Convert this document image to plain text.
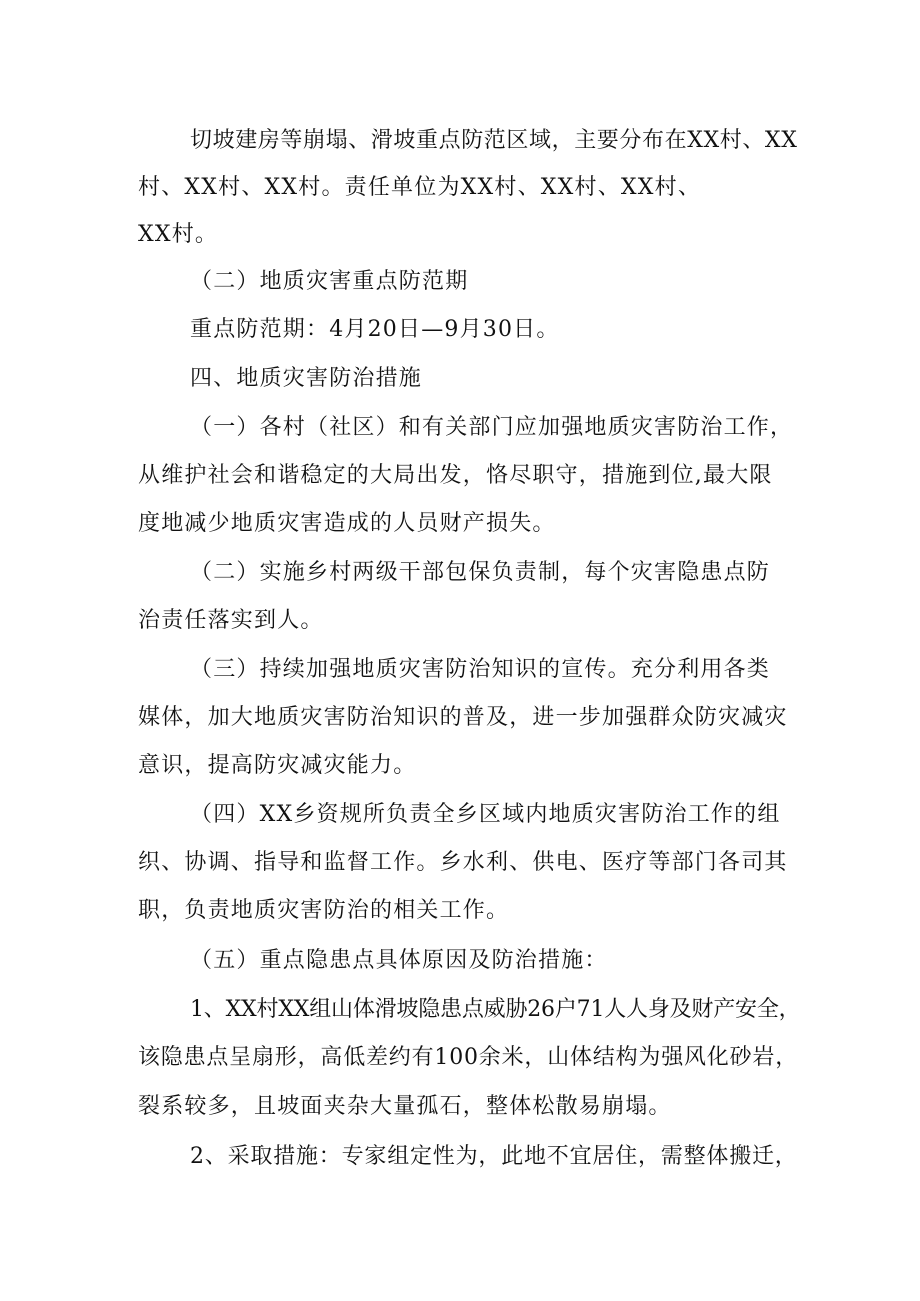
切坡建房等崩塌、滑坡重点防范区域，主要分布在XX村、XX
村、XX村、XX村。责任单位为XX村、XX村、XX村、
XX村。
（二）地质灾害重点防范期
重点防范期：4月20日—9月30日。
四、地质灾害防治措施
（一）各村（社区）和有关部门应加强地质灾害防治工作，
从维护社会和谐稳定的大局出发，恪尽职守，措施到位,最大限
度地减少地质灾害造成的人员财产损失。
（二）实施乡村两级干部包保负责制，每个灾害隐患点防
治责任落实到人。
（三）持续加强地质灾害防治知识的宣传。充分利用各类
媒体，加大地质灾害防治知识的普及，进一步加强群众防灾减灾
意识，提高防灾减灾能力。
（四）XX乡资规所负责全乡区域内地质灾害防治工作的组
织、协调、指导和监督工作。乡水利、供电、医疗等部门各司其
职，负责地质灾害防治的相关工作。
（五）重点隐患点具体原因及防治措施：
1、XX村XX组山体滑坡隐患点威胁26户71人人身及财产安全，
该隐患点呈扇形，高低差约有100余米，山体结构为强风化砂岩，
裂系较多，且坡面夹杂大量孤石，整体松散易崩塌。
2、采取措施：专家组定性为，此地不宜居住，需整体搬迁，
